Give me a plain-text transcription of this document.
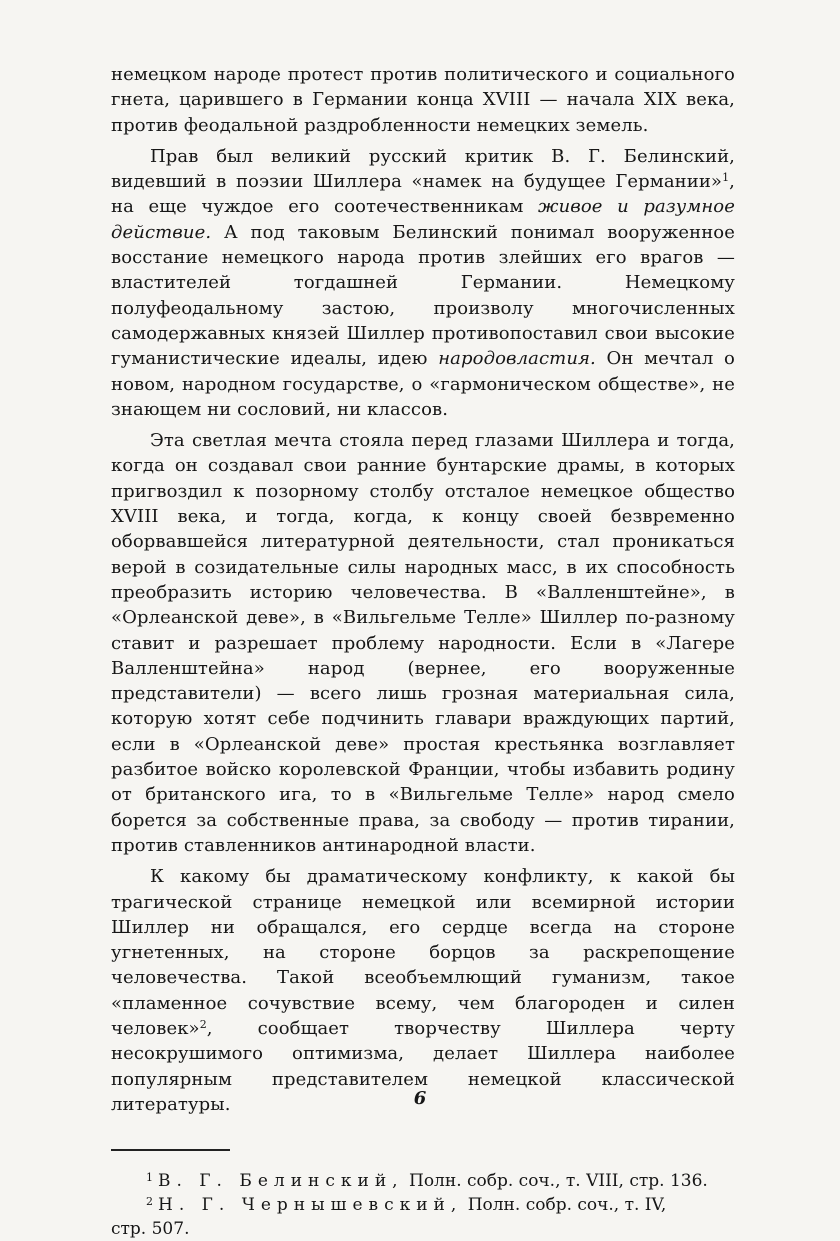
немецком народе протест против политического и социального гнета, царившего в Германии конца XVIII — начала XIX века, против феодальной раздробленности немецких земель.

Прав был великий русский критик В. Г. Белинский, видевший в поэзии Шиллера «намек на будущее Германии»$^1$, на еще чуждое его соотечественникам живое и разумное действие. А под таковым Белинский понимал вооруженное восстание немецкого народа против злейших его врагов — властителей тогдашней Германии. Немецкому полуфеодальному застою, произволу многочисленных самодержавных князей Шиллер противопоставил свои высокие гуманистические идеалы, идею народовластия. Он мечтал о новом, народном государстве, о «гармоническом обществе», не знающем ни сословий, ни классов.

Эта светлая мечта стояла перед глазами Шиллера и тогда, когда он создавал свои ранние бунтарские драмы, в которых пригвоздил к позорному столбу отсталое немецкое общество XVIII века, и тогда, когда, к концу своей безвременно оборвавшейся литературной деятельности, стал проникаться верой в созидательные силы народных масс, в их способность преобразить историю человечества. В «Валленштейне», в «Орлеанской деве», в «Вильгельме Телле» Шиллер по-разному ставит и разрешает проблему народности. Если в «Лагере Валленштейна» народ (вернее, его вооруженные представители) — всего лишь грозная материальная сила, которую хотят себе подчинить главари враждующих партий, если в «Орлеанской деве» простая крестьянка возглавляет разбитое войско королевской Франции, чтобы избавить родину от британского ига, то в «Вильгельме Телле» народ смело борется за собственные права, за свободу — против тирании, против ставленников антинародной власти.

К какому бы драматическому конфликту, к какой бы трагической странице немецкой или всемирной истории Шиллер ни обращался, его сердце всегда на стороне угнетенных, на стороне борцов за раскрепощение человечества. Такой всеобъемлющий гуманизм, такое «пламенное сочувствие всему, чем благороден и силен человек»$^2$, сообщает творчеству Шиллера черту несокрушимого оптимизма, делает Шиллера наиболее популярным представителем немецкой классической литературы.

$^1$ В. Г. Белинский, Полн. собр. соч., т. VIII, стр. 136.

$^2$ Н. Г. Чернышевский, Полн. собр. соч., т. IV,

стр. 507.

6
